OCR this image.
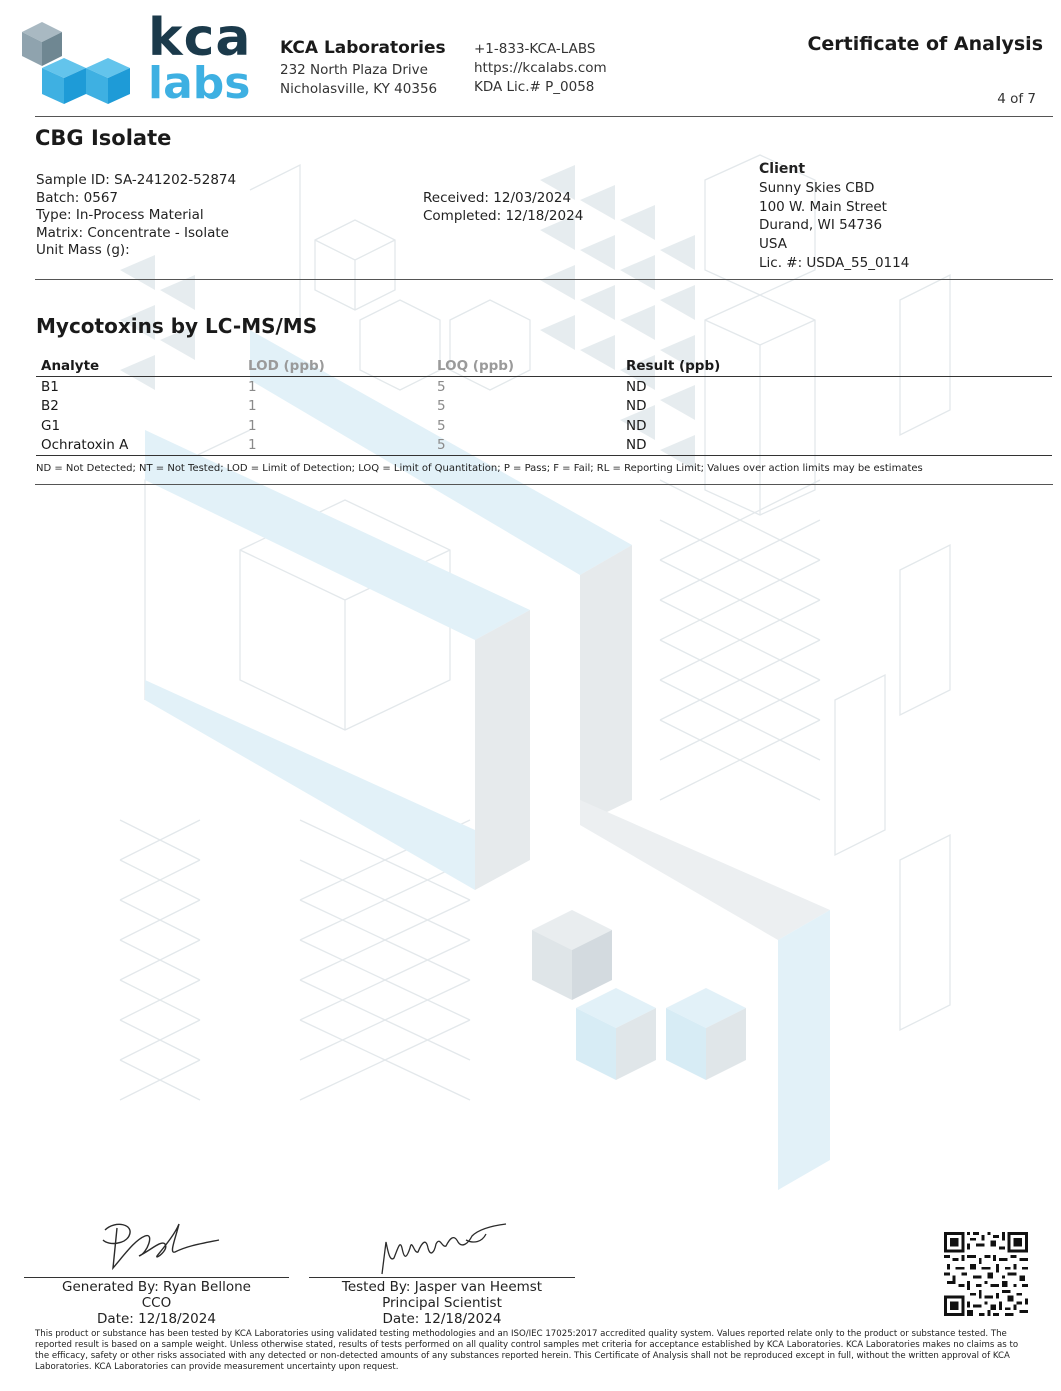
kca
labs
KCA Laboratories
232 North Plaza Drive
Nicholasville, KY 40356
+1-833-KCA-LABS
https://kcalabs.com
KDA Lic.# P_0058
Certificate of Analysis
4 of 7
CBG Isolate
Sample ID: SA-241202-52874
Batch: 0567
Type: In-Process Material
Matrix: Concentrate - Isolate
Unit Mass (g):
Received: 12/03/2024
Completed: 12/18/2024
Client
Sunny Skies CBD
100 W. Main Street
Durand, WI 54736
USA
Lic. #: USDA_55_0114
Mycotoxins by LC-MS/MS
Analyte	LOD (ppb)	LOQ (ppb)	Result (ppb)
B1	1	5	ND
B2	1	5	ND
G1	1	5	ND
Ochratoxin A	1	5	ND
ND = Not Detected; NT = Not Tested; LOD = Limit of Detection; LOQ = Limit of Quantitation; P = Pass; F = Fail; RL = Reporting Limit; Values over action limits may be estimates
Generated By: Ryan Bellone
CCO
Date: 12/18/2024
Tested By: Jasper van Heemst
Principal Scientist
Date: 12/18/2024
This product or substance has been tested by KCA Laboratories using validated testing methodologies and an ISO/IEC 17025:2017 accredited quality system. Values reported relate only to the product or substance tested. The reported result is based on a sample weight. Unless otherwise stated, results of tests performed on all quality control samples met criteria for acceptance established by KCA Laboratories. KCA Laboratories makes no claims as to the efficacy, safety or other risks associated with any detected or non-detected amounts of any substances reported herein. This Certificate of Analysis shall not be reproduced except in full, without the written approval of KCA Laboratories. KCA Laboratories can provide measurement uncertainty upon request.
